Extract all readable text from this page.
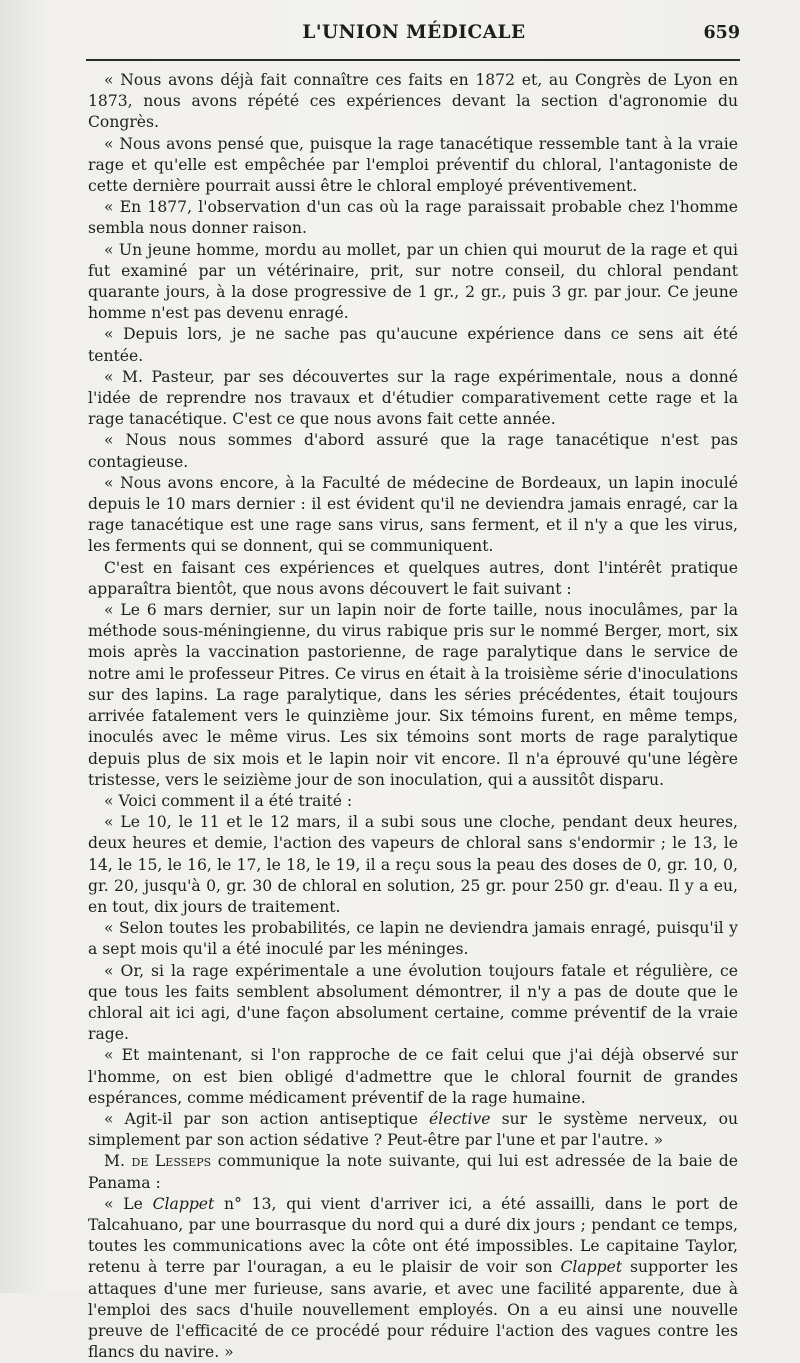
L'UNION MÉDICALE	659

« Nous avons déjà fait connaître ces faits en 1872 et, au Congrès de Lyon en 1873, nous avons répété ces expériences devant la section d'agronomie du Congrès.

« Nous avons pensé que, puisque la rage tanacétique ressemble tant à la vraie rage et qu'elle est empêchée par l'emploi préventif du chloral, l'antagoniste de cette dernière pourrait aussi être le chloral employé préventivement.

« En 1877, l'observation d'un cas où la rage paraissait probable chez l'homme sembla nous donner raison.

« Un jeune homme, mordu au mollet, par un chien qui mourut de la rage et qui fut examiné par un vétérinaire, prit, sur notre conseil, du chloral pendant quarante jours, à la dose progressive de 1 gr., 2 gr., puis 3 gr. par jour. Ce jeune homme n'est pas devenu enragé.

« Depuis lors, je ne sache pas qu'aucune expérience dans ce sens ait été tentée.

« M. Pasteur, par ses découvertes sur la rage expérimentale, nous a donné l'idée de reprendre nos travaux et d'étudier comparativement cette rage et la rage tanacétique. C'est ce que nous avons fait cette année.

« Nous nous sommes d'abord assuré que la rage tanacétique n'est pas contagieuse.

« Nous avons encore, à la Faculté de médecine de Bordeaux, un lapin inoculé depuis le 10 mars dernier : il est évident qu'il ne deviendra jamais enragé, car la rage tanacétique est une rage sans virus, sans ferment, et il n'y a que les virus, les ferments qui se donnent, qui se communiquent.

C'est en faisant ces expériences et quelques autres, dont l'intérêt pratique apparaîtra bientôt, que nous avons découvert le fait suivant :

« Le 6 mars dernier, sur un lapin noir de forte taille, nous inoculâmes, par la méthode sous-méningienne, du virus rabique pris sur le nommé Berger, mort, six mois après la vaccination pastorienne, de rage paralytique dans le service de notre ami le professeur Pitres. Ce virus en était à la troisième série d'inoculations sur des lapins. La rage paralytique, dans les séries précédentes, était toujours arrivée fatalement vers le quinzième jour. Six témoins furent, en même temps, inoculés avec le même virus. Les six témoins sont morts de rage paralytique depuis plus de six mois et le lapin noir vit encore. Il n'a éprouvé qu'une légère tristesse, vers le seizième jour de son inoculation, qui a aussitôt disparu.

« Voici comment il a été traité :

« Le 10, le 11 et le 12 mars, il a subi sous une cloche, pendant deux heures, deux heures et demie, l'action des vapeurs de chloral sans s'endormir ; le 13, le 14, le 15, le 16, le 17, le 18, le 19, il a reçu sous la peau des doses de 0, gr. 10, 0, gr. 20, jusqu'à 0, gr. 30 de chloral en solution, 25 gr. pour 250 gr. d'eau. Il y a eu, en tout, dix jours de traitement.

« Selon toutes les probabilités, ce lapin ne deviendra jamais enragé, puisqu'il y a sept mois qu'il a été inoculé par les méninges.

« Or, si la rage expérimentale a une évolution toujours fatale et régulière, ce que tous les faits semblent absolument démontrer, il n'y a pas de doute que le chloral ait ici agi, d'une façon absolument certaine, comme préventif de la vraie rage.

« Et maintenant, si l'on rapproche de ce fait celui que j'ai déjà observé sur l'homme, on est bien obligé d'admettre que le chloral fournit de grandes espérances, comme médicament préventif de la rage humaine.

« Agit-il par son action antiseptique élective sur le système nerveux, ou simplement par son action sédative ? Peut-être par l'une et par l'autre. »

M. de Lesseps communique la note suivante, qui lui est adressée de la baie de Panama :

« Le Clappet n° 13, qui vient d'arriver ici, a été assailli, dans le port de Talcahuano, par une bourrasque du nord qui a duré dix jours ; pendant ce temps, toutes les communications avec la côte ont été impossibles. Le capitaine Taylor, retenu à terre par l'ouragan, a eu le plaisir de voir son Clappet supporter les attaques d'une mer furieuse, sans avarie, et avec une facilité apparente, due à l'emploi des sacs d'huile nouvellement employés. On a eu ainsi une nouvelle preuve de l'efficacité de ce procédé pour réduire l'action des vagues contre les flancs du navire. »
